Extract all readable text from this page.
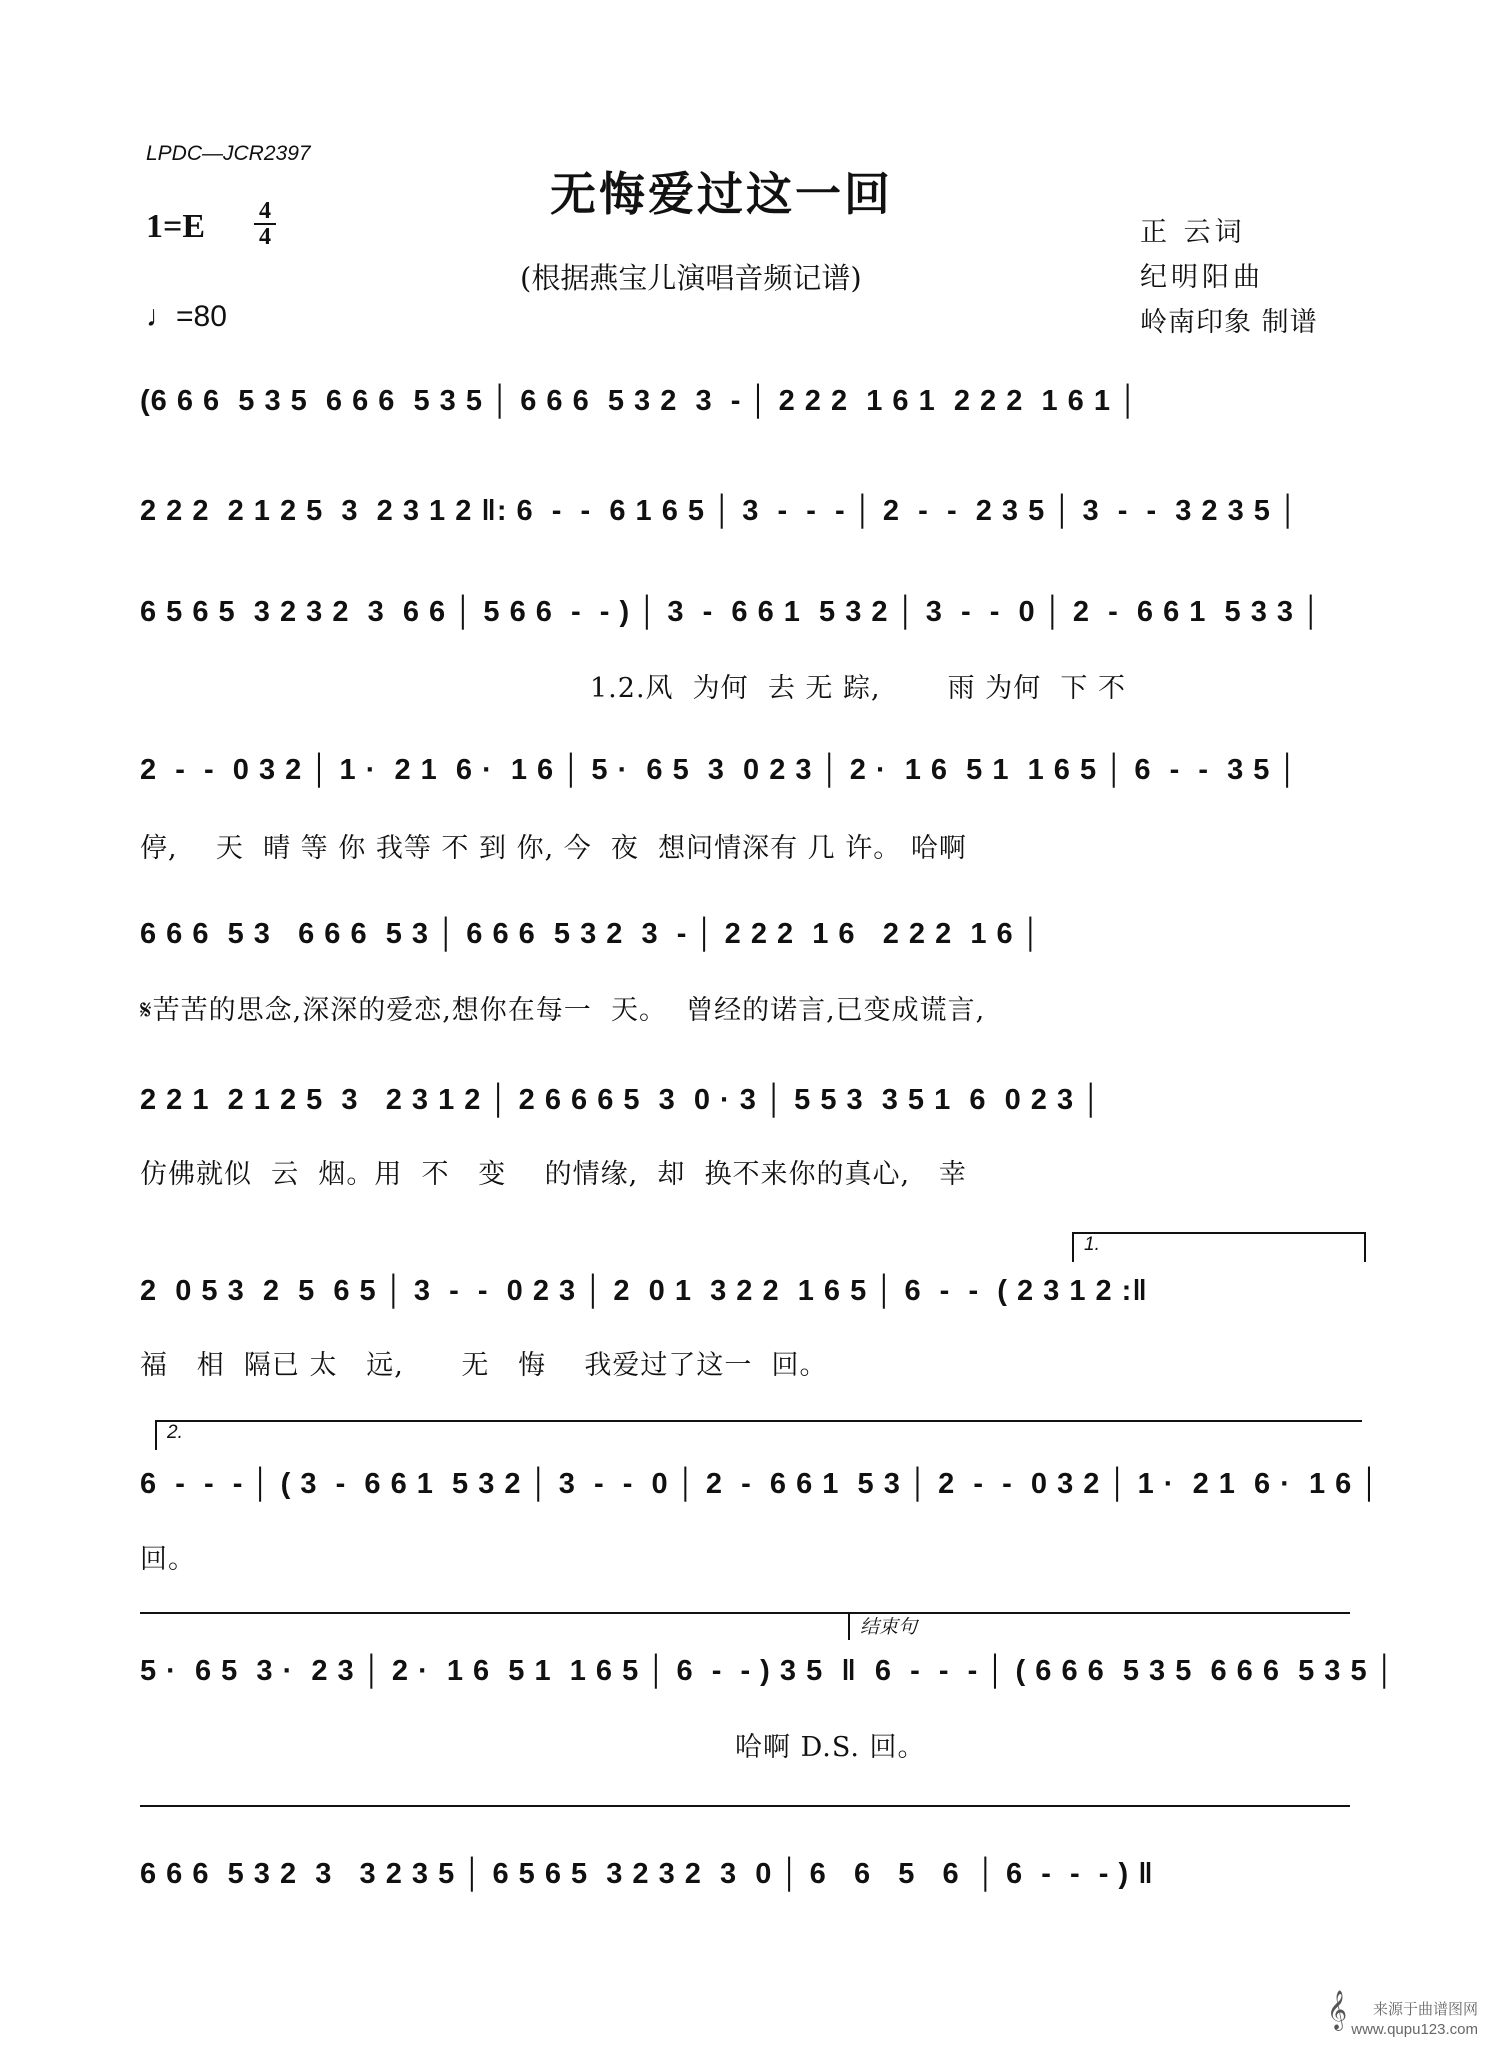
LPDC—JCR2397
无悔爱过这一回
(根据燕宝儿演唱音频记谱)
1=E 4
4
♩=80
正 云词
纪明阳曲
岭南印象 制谱
(6 6 6  5 3 5  6 6 6  5 3 5 │ 6 6 6  5 3 2  3  - │ 2 2 2  1 6 1  2 2 2  1 6 1 │
2 2 2  2 1 2 5  3  2 3 1 2 ‖: 6  -  -  6 1 6 5 │ 3  -  -  - │ 2  -  -  2 3 5 │ 3  -  -  3 2 3 5 │
6 5 6 5  3 2 3 2  3  6 6 │ 5 6 6  -  - ) │ 3  -  6 6 1  5 3 2 │ 3  -  -  0 │ 2  -  6 6 1  5 3 3 │
1.2.风  为何  去 无 踪,       雨 为何  下 不
2  -  -  0 3 2 │ 1 ·  2 1  6 ·  1 6 │ 5 ·  6 5  3  0 2 3 │ 2 ·  1 6  5 1  1 6 5 │ 6  -  -  3 5 │
停,    天  晴 等 你 我等 不 到 你, 今  夜  想问情深有 几 许。 哈啊
6 6 6  5 3   6 6 6  5 3 │ 6 6 6  5 3 2  3  - │ 2 2 2  1 6   2 2 2  1 6 │
𝄋苦苦的思念,深深的爱恋,想你在每一  天。  曾经的诺言,已变成谎言,
2 2 1  2 1 2 5  3   2 3 1 2 │ 2 6 6 6 5  3  0 · 3 │ 5 5 3  3 5 1  6  0 2 3 │
仿佛就似  云  烟。用  不   变    的情缘,  却  换不来你的真心,   幸
1.
2  0 5 3  2  5  6 5 │ 3  -  -  0 2 3 │ 2  0 1  3 2 2  1 6 5 │ 6  -  -  ( 2 3 1 2 :‖
福   相  隔已 太   远,      无   悔    我爱过了这一  回。
2.
6  -  -  - │ ( 3  -  6 6 1  5 3 2 │ 3  -  -  0 │ 2  -  6 6 1  5 3 │ 2  -  -  0 3 2 │ 1 ·  2 1  6 ·  1 6 │
回。
结束句
5 ·  6 5  3 ·  2 3 │ 2 ·  1 6  5 1  1 6 5 │ 6  -  - ) 3 5  ‖  6  -  -  - │ ( 6 6 6  5 3 5  6 6 6  5 3 5 │
哈啊 D.S. 回。
6 6 6  5 3 2  3   3 2 3 5 │ 6 5 6 5  3 2 3 2  3  0 │ 6   6   5   6  │ 6  -  -  - ) ‖
𝄞 来源于曲谱图网
www.qupu123.com
